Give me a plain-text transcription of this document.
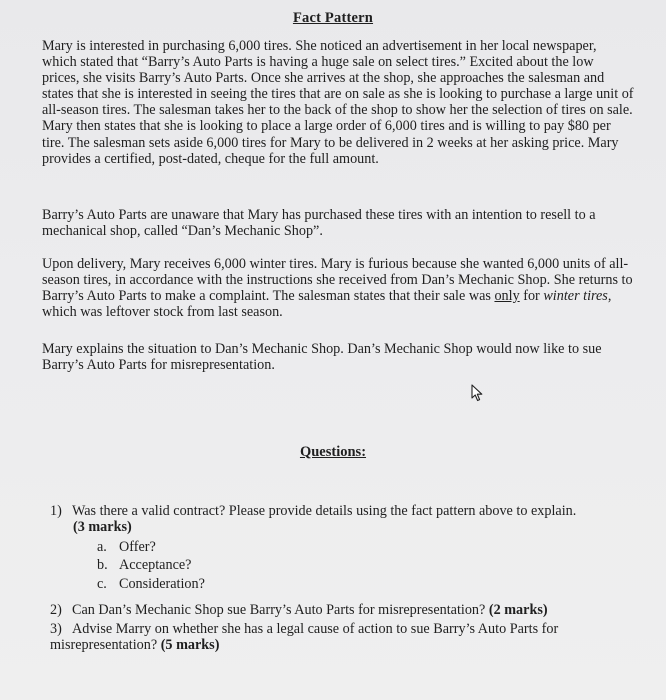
Fact Pattern

Mary is interested in purchasing 6,000 tires. She noticed an advertisement in her local newspaper, which stated that “Barry’s Auto Parts is having a huge sale on select tires.” Excited about the low prices, she visits Barry’s Auto Parts. Once she arrives at the shop, she approaches the salesman and states that she is interested in seeing the tires that are on sale as she is looking to purchase a large unit of all-season tires. The salesman takes her to the back of the shop to show her the selection of tires on sale. Mary then states that she is looking to place a large order of 6,000 tires and is willing to pay $80 per tire. The salesman sets aside 6,000 tires for Mary to be delivered in 2 weeks at her asking price. Mary provides a certified, post-dated, cheque for the full amount.

Barry’s Auto Parts are unaware that Mary has purchased these tires with an intention to resell to a mechanical shop, called “Dan’s Mechanic Shop”.

Upon delivery, Mary receives 6,000 winter tires. Mary is furious because she wanted 6,000 units of all-season tires, in accordance with the instructions she received from Dan’s Mechanic Shop. She returns to Barry’s Auto Parts to make a complaint. The salesman states that their sale was only for winter tires, which was leftover stock from last season.

Mary explains the situation to Dan’s Mechanic Shop. Dan’s Mechanic Shop would now like to sue Barry’s Auto Parts for misrepresentation.

Questions:
1) Was there a valid contract? Please provide details using the fact pattern above to explain.
(3 marks)
a. Offer?
b. Acceptance?
c. Consideration?
2) Can Dan’s Mechanic Shop sue Barry’s Auto Parts for misrepresentation? (2 marks)
3) Advise Marry on whether she has a legal cause of action to sue Barry’s Auto Parts for misrepresentation? (5 marks)
